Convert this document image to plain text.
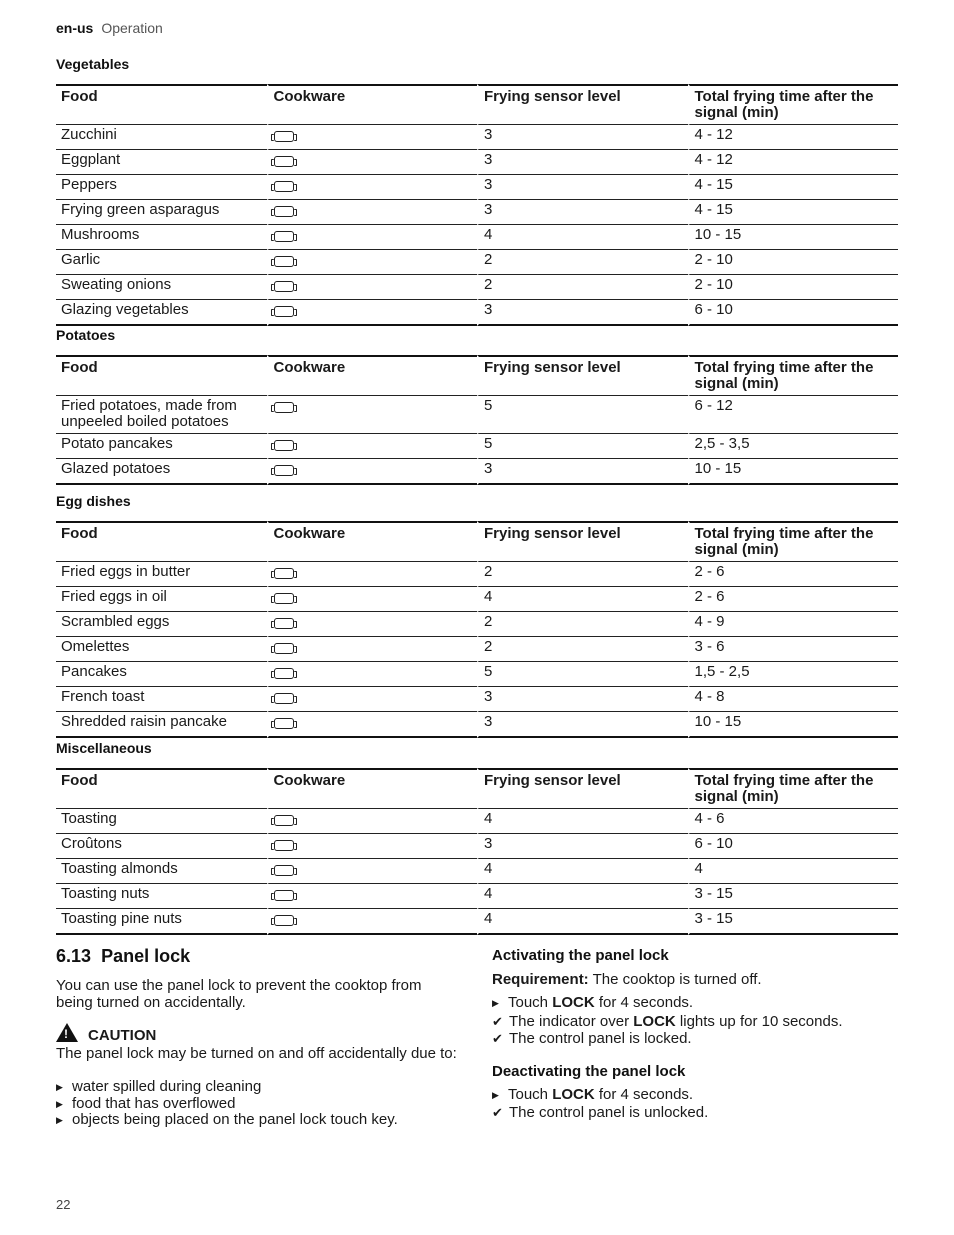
en-us Operation
Vegetables
Food	Cookware	Frying sensor level	Total frying time after the signal (min)
Zucchini		3	4 - 12
Eggplant		3	4 - 12
Peppers		3	4 - 15
Frying green asparagus		3	4 - 15
Mushrooms		4	10 - 15
Garlic		2	2 - 10
Sweating onions		2	2 - 10
Glazing vegetables		3	6 - 10
Potatoes
Food	Cookware	Frying sensor level	Total frying time after the signal (min)
Fried potatoes, made from unpeeled boiled potatoes		5	6 - 12
Potato pancakes		5	2,5 - 3,5
Glazed potatoes		3	10 - 15
Egg dishes
Food	Cookware	Frying sensor level	Total frying time after the signal (min)
Fried eggs in butter		2	2 - 6
Fried eggs in oil		4	2 - 6
Scrambled eggs		2	4 - 9
Omelettes		2	3 - 6
Pancakes		5	1,5 - 2,5
French toast		3	4 - 8
Shredded raisin pancake		3	10 - 15
Miscellaneous
Food	Cookware	Frying sensor level	Total frying time after the signal (min)
Toasting		4	4 - 6
Croûtons		3	6 - 10
Toasting almonds		4	4
Toasting nuts		4	3 - 15
Toasting pine nuts		4	3 - 15
6.13 Panel lock
You can use the panel lock to prevent the cooktop from being turned on accidentally.
!CAUTION
The panel lock may be turned on and off accidentally due to:
▶ water spilled during cleaning
▶ food that has overflowed
▶ objects being placed on the panel lock touch key.
Activating the panel lock
Requirement: The cooktop is turned off.
▶ Touch LOCK for 4 seconds.
✔ The indicator over LOCK lights up for 10 seconds.
✔ The control panel is locked.
Deactivating the panel lock
▶ Touch LOCK for 4 seconds.
✔ The control panel is unlocked.
22
